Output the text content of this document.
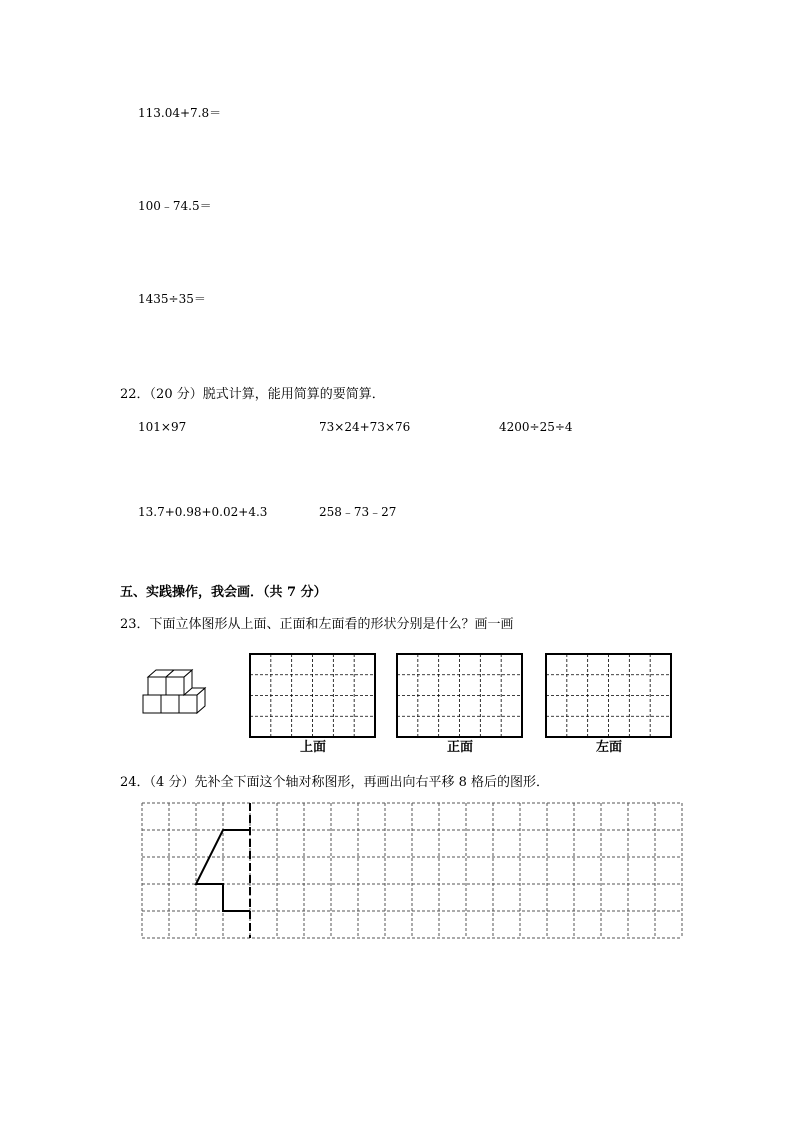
113.04+7.8＝
100﹣74.5＝
1435÷35＝
22．（20 分）脱式计算，能用简算的要简算．
101×97	73×24+73×76	4200÷25÷4
13.7+0.98+0.02+4.3	258﹣73﹣27
五、实践操作，我会画．（共 7 分）
23．下面立体图形从上面、正面和左面看的形状分别是什么？画一画
上面	正面	左面
24．（4 分）先补全下面这个轴对称图形，再画出向右平移 8 格后的图形．
